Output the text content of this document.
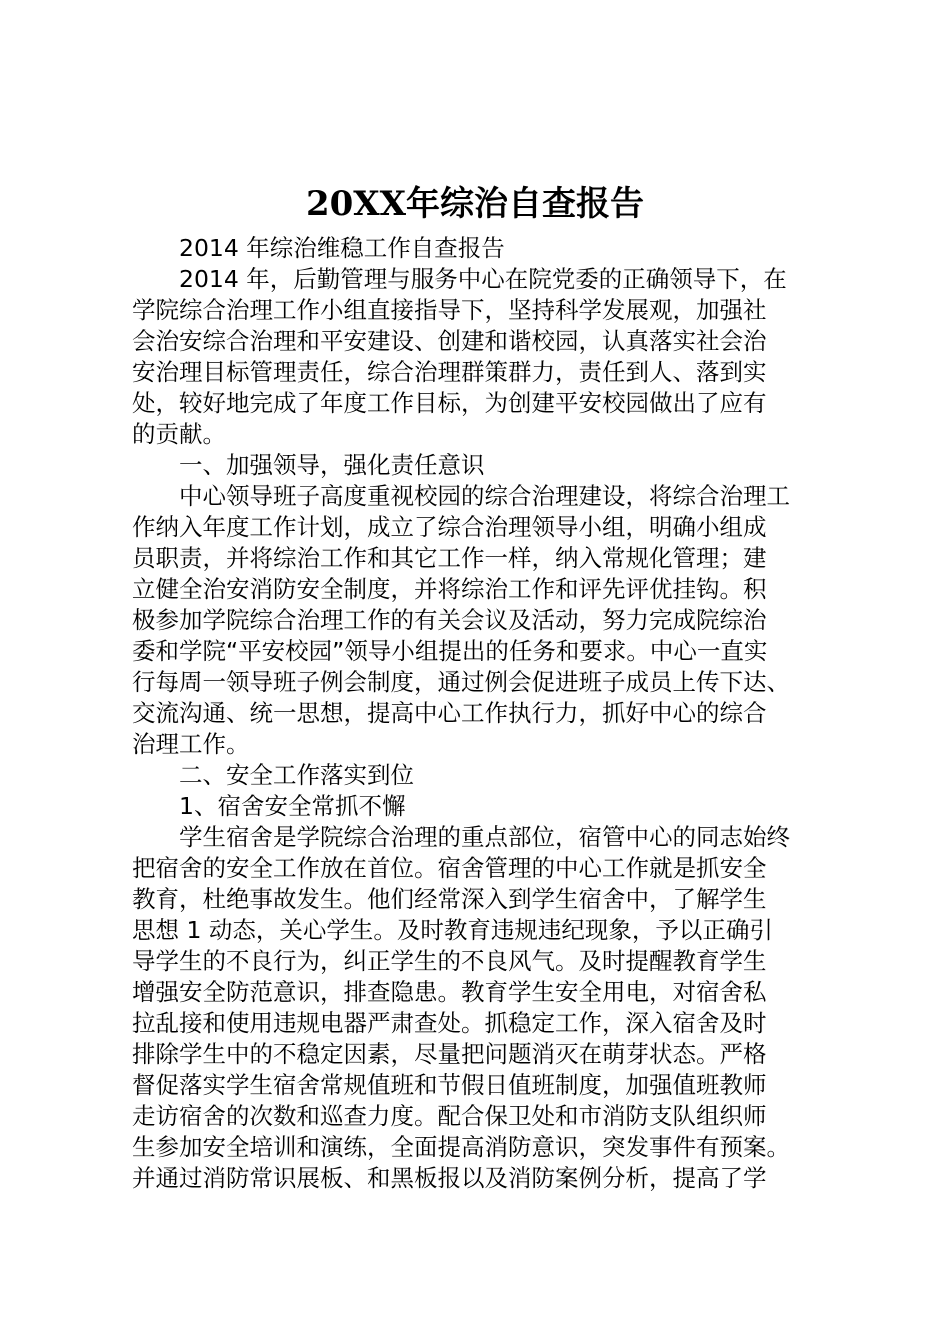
20XX年综治自查报告
　　2014 年综治维稳工作自查报告
　　2014 年，后勤管理与服务中心在院党委的正确领导下，在
学院综合治理工作小组直接指导下，坚持科学发展观，加强社
会治安综合治理和平安建设、创建和谐校园，认真落实社会治
安治理目标管理责任，综合治理群策群力，责任到人、落到实
处，较好地完成了年度工作目标，为创建平安校园做出了应有
的贡献。
　　一、加强领导，强化责任意识
　　中心领导班子高度重视校园的综合治理建设，将综合治理工
作纳入年度工作计划，成立了综合治理领导小组，明确小组成
员职责，并将综治工作和其它工作一样，纳入常规化管理；建
立健全治安消防安全制度，并将综治工作和评先评优挂钩。积
极参加学院综合治理工作的有关会议及活动，努力完成院综治
委和学院“平安校园”领导小组提出的任务和要求。中心一直实
行每周一领导班子例会制度，通过例会促进班子成员上传下达、
交流沟通、统一思想，提高中心工作执行力，抓好中心的综合
治理工作。
　　二、安全工作落实到位
　　1、宿舍安全常抓不懈
　　学生宿舍是学院综合治理的重点部位，宿管中心的同志始终
把宿舍的安全工作放在首位。宿舍管理的中心工作就是抓安全
教育，杜绝事故发生。他们经常深入到学生宿舍中，了解学生
思想 1 动态，关心学生。及时教育违规违纪现象，予以正确引
导学生的不良行为，纠正学生的不良风气。及时提醒教育学生
增强安全防范意识，排查隐患。教育学生安全用电，对宿舍私
拉乱接和使用违规电器严肃查处。抓稳定工作，深入宿舍及时
排除学生中的不稳定因素，尽量把问题消灭在萌芽状态。严格
督促落实学生宿舍常规值班和节假日值班制度，加强值班教师
走访宿舍的次数和巡查力度。配合保卫处和市消防支队组织师
生参加安全培训和演练，全面提高消防意识，突发事件有预案。
并通过消防常识展板、和黑板报以及消防案例分析，提高了学
